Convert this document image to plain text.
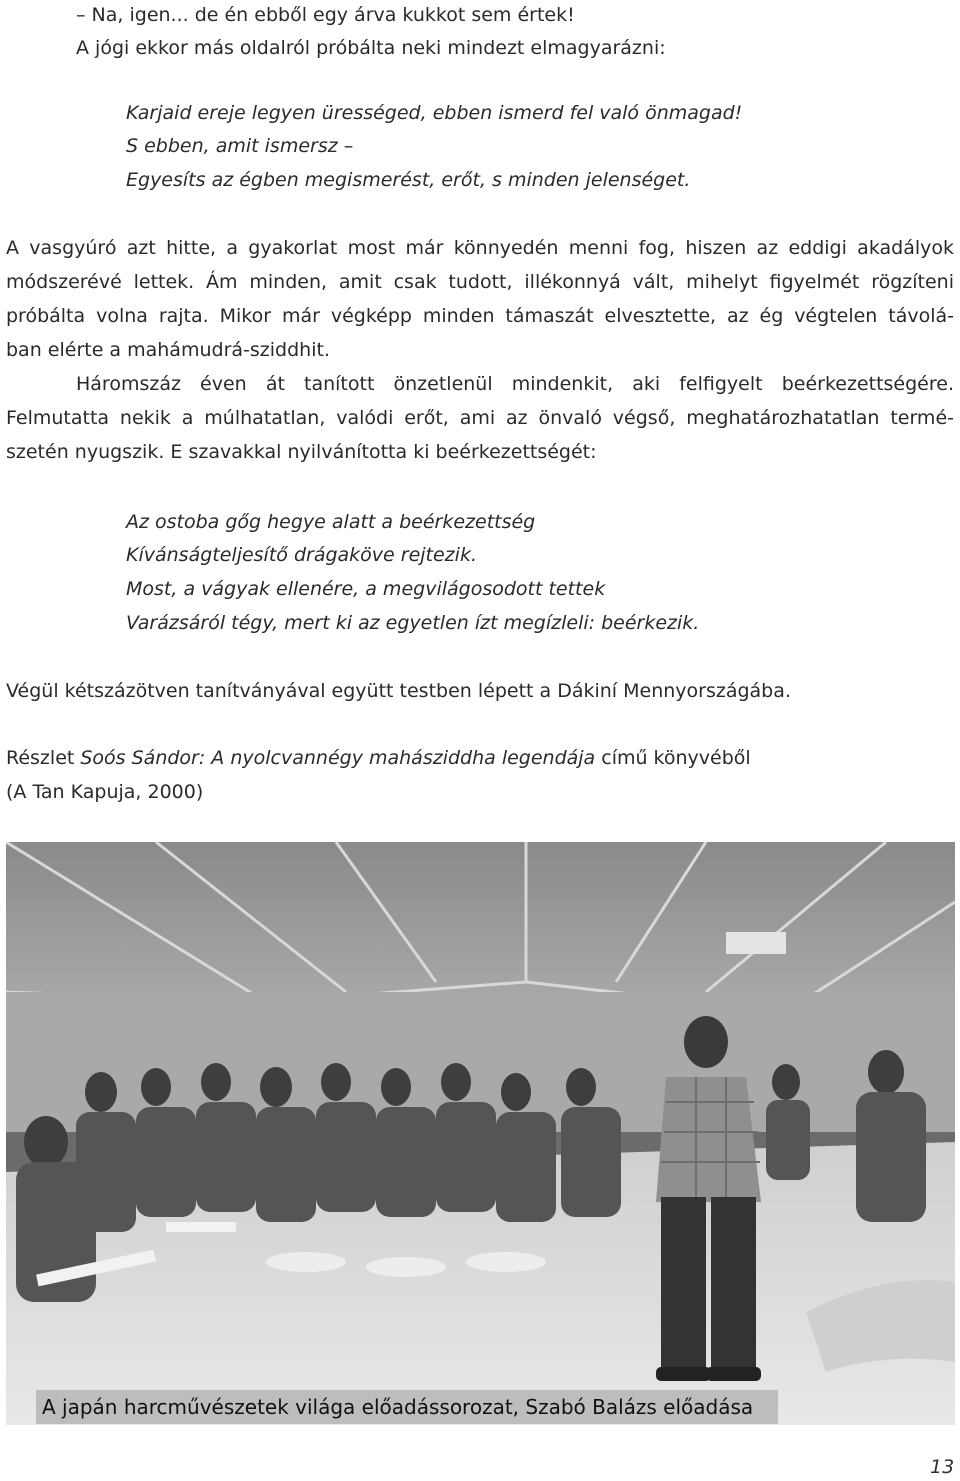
– Na, igen... de én ebből egy árva kukkot sem értek!
A jógi ekkor más oldalról próbálta neki mindezt elmagyarázni:
Karjaid ereje legyen ürességed, ebben ismerd fel való önmagad!
S ebben, amit ismersz –
Egyesíts az égben megismerést, erőt, s minden jelenséget.
A vasgyúró azt hitte, a gyakorlat most már könnyedén menni fog, hiszen az eddigi akadályok
módszerévé lettek. Ám minden, amit csak tudott, illékonnyá vált, mihelyt figyelmét rögzíteni
próbálta volna rajta. Mikor már végképp minden támaszát elvesztette, az ég végtelen távolá-
ban elérte a mahámudrá-sziddhit.
Háromszáz éven át tanított önzetlenül mindenkit, aki felfigyelt beérkezettségére.
Felmutatta nekik a múlhatatlan, valódi erőt, ami az önvaló végső, meghatározhatatlan termé-
szetén nyugszik. E szavakkal nyilvánította ki beérkezettségét:
Az ostoba gőg hegye alatt a beérkezettség
Kívánságteljesítő drágaköve rejtezik.
Most, a vágyak ellenére, a megvilágosodott tettek
Varázsáról tégy, mert ki az egyetlen ízt megízleli: beérkezik.
Végül kétszázötven tanítványával együtt testben lépett a Dákiní Mennyországába.
Részlet Soós Sándor: A nyolcvannégy mahásziddha legendája című könyvéből
(A Tan Kapuja, 2000)
A japán harcművészetek világa előadássorozat, Szabó Balázs előadása
13
